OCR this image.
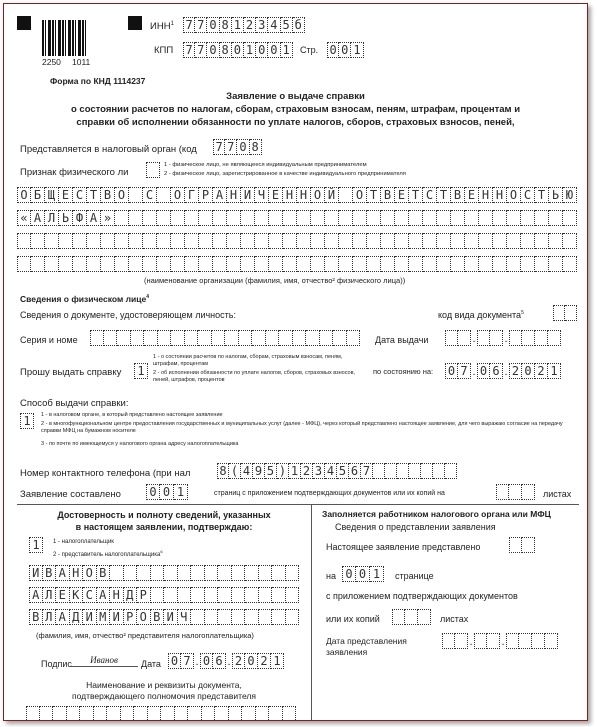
2250 1011
ИНН$^1$ 7 7 0 8 1 2 3 4 5 б
КПП 7 7 0 8 0 1 0 0 1	Стр. 0 0 1
Форма по КНД 1114237
Заявление о выдаче справки
о состоянии расчетов по налогам, сборам, страховым взносам, пеням, штрафам, процентам и
справки об исполнении обязанности по уплате налогов, сборов, страховых взносов, пеней,
Представляется в налоговый орган (код 7 7 0 8
Признак физического ли
1 - физическое лицо, не являющееся индивидуальным предпринимателем
2 - физическое лицо, зарегистрированное в качестве индивидуального предпринимателя
О Б Щ Е С Т В О	С	О Г Р А Н И Ч Е Н Н О Й	О Т В Е Т С Т В Е Н Н О С Т Ь Ю
« А Л Ь Ф А »
(наименование организации (фамилия, имя, отчество² физического лица))
Сведения о физическом лице$^4$
Сведения о документе, удостоверяющем личность:	код вида документа$^5$
Серия и номе	Дата выдачи	.	.
Прошу выдать справку 1
1 - о состоянии расчетов по налогам, сборам, страховым взносам, пеням, штрафам, процентам
2 - об исполнении обязанности по уплате налогов, сборов, страховых взносов, пеней, штрафов, процентов
по состоянию на: 0 7 . 0 6 . 2 0 2 1
Способ выдачи справки:
1	1 - в налоговом органе, в который представлено настоящее заявление
2 - в многофункциональном центре предоставления государственных и муниципальных услуг (далее - МФЦ), через который представлено настоящее заявление, для чего выражаю согласие на передачу справки МФЦ на бумажном носителе
3 - по почте по имеющемуся у налогового органа адресу налогоплательщика
Номер контактного телефона (при нал 8 ( 4 9 5 ) 1 2 3 4 5 6 7
Заявление составлено 0 0 1	страниц с приложением подтверждающих документов или их копий на	листах
Достоверность и полноту сведений, указанных
в настоящем заявлении, подтверждаю:
1	1 - налогоплательщик
2 - представитель налогоплательщика$^6$
И В А Н О В
А Л Е К С А Н Д Р
В Л А Д И М И Р О В И Ч
(фамилия, имя, отчество² представителя налогоплательщика)
Подпис	Иванов	Дата 0 7 . 0 6 . 2 0 2 1
Наименование и реквизиты документа,
подтверждающего полномочия представителя
Заполняется работником налогового органа или МФЦ
Сведения о представлении заявления
Настоящее заявление представлено
на 0 0 1	странице
с приложением подтверждающих документов
или их копий	листах
Дата представления заявления
.	.
